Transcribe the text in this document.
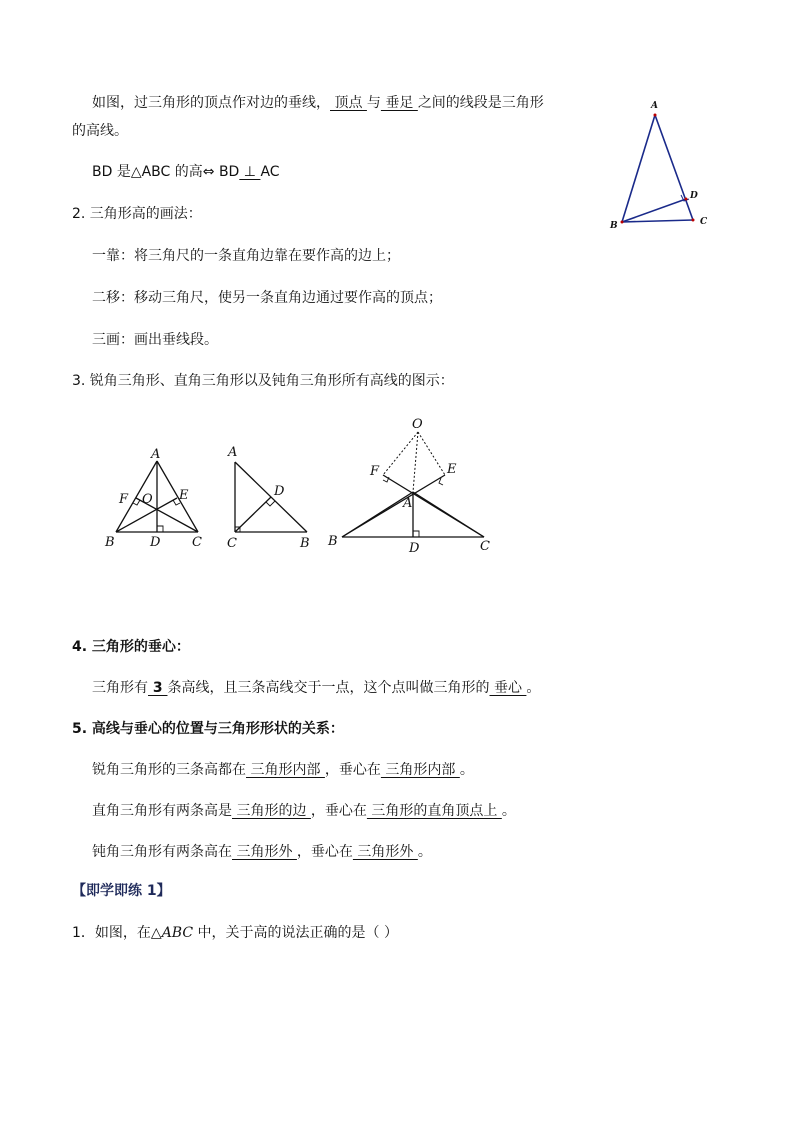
如图，过三角形的顶点作对边的垂线， 顶点 与 垂足 之间的线段是三角形
的高线。
BD 是△ABC 的高⇔ BD ⊥ AC
A
B	C
D
2. 三角形高的画法：
一靠：将三角尺的一条直角边靠在要作高的边上；
二移：移动三角尺，使另一条直角边通过要作高的顶点；
三画：画出垂线段。
3. 锐角三角形、直角三角形以及钝角三角形所有高线的图示：
A
B	C
D
E
F O
A
C	B
D
O
F	E
A
B	C
D
4. 三角形的垂心：
三角形有 3 条高线，且三条高线交于一点，这个点叫做三角形的 垂心 。
5. 高线与垂心的位置与三角形形状的关系：
锐角三角形的三条高都在 三角形内部 ，垂心在 三角形内部 。
直角三角形有两条高是 三角形的边 ，垂心在 三角形的直角顶点上 。
钝角三角形有两条高在 三角形外 ，垂心在 三角形外 。
【即学即练 1】
1．如图，在△ABC 中，关于高的说法正确的是（ ）
